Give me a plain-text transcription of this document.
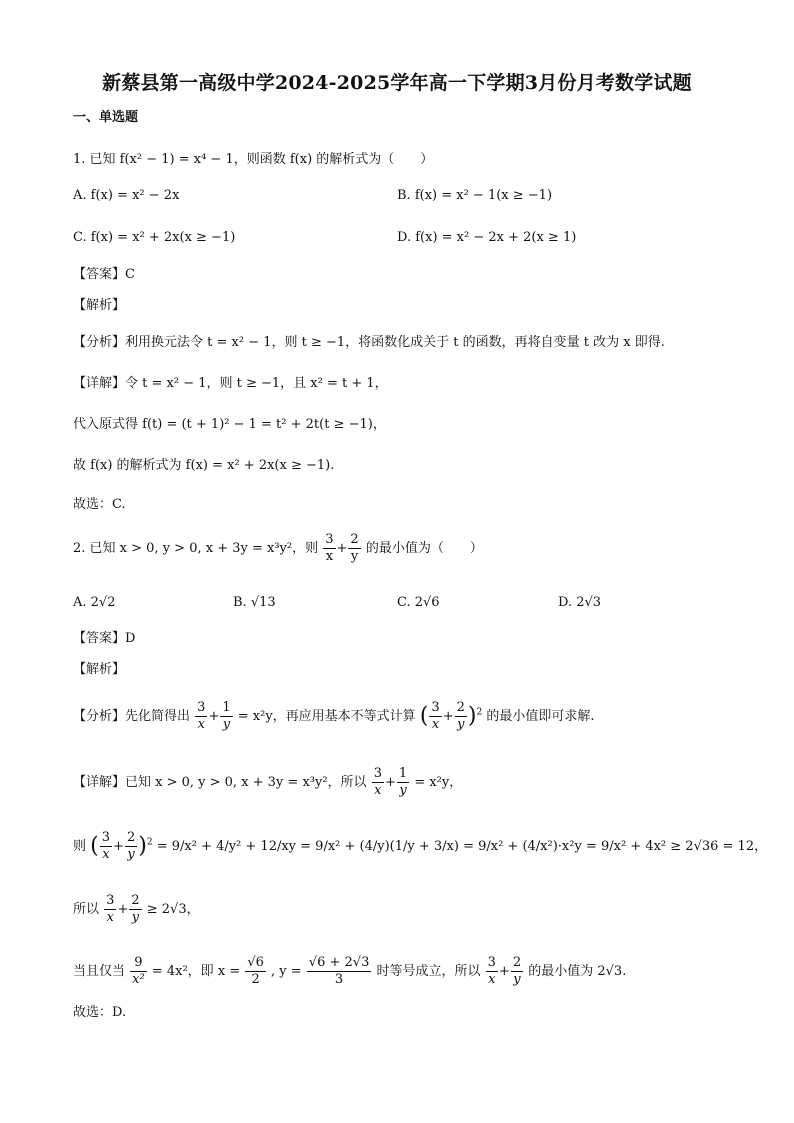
新蔡县第一高级中学2024-2025学年高一下学期3月份月考数学试题
一、单选题
1. 已知 f(x² − 1) = x⁴ − 1，则函数 f(x) 的解析式为（　　）
A. f(x) = x² − 2x	B. f(x) = x² − 1(x ≥ −1)
C. f(x) = x² + 2x(x ≥ −1)	D. f(x) = x² − 2x + 2(x ≥ 1)
【答案】C
【解析】
【分析】利用换元法令 t = x² − 1，则 t ≥ −1，将函数化成关于 t 的函数，再将自变量 t 改为 x 即得.
【详解】令 t = x² − 1，则 t ≥ −1，且 x² = t + 1，
代入原式得 f(t) = (t + 1)² − 1 = t² + 2t(t ≥ −1)，
故 f(x) 的解析式为 f(x) = x² + 2x(x ≥ −1).
故选：C.
2. 已知 x > 0, y > 0, x + 3y = x³y²，则 $\frac{3}{x} + \frac{2}{y}$ 的最小值为（　　）
A. 2√2	B. √13	C. 2√6	D. 2√3
【答案】D
【解析】
【分析】先化简得出 $\frac{3}{x} + \frac{1}{y} = x^2y$，再应用基本不等式计算 ( $\frac{3}{x} + \frac{2}{y} )^2$ 的最小值即可求解.
【详解】已知 x > 0, y > 0, x + 3y = x³y²，所以 $\frac{3}{x} + \frac{1}{y} = x^2y$，
则 ( $\frac{3}{x} + \frac{2}{y} )^2 = 9/x^2 + 4/y^2 + 12/xy = 9/x^2 + (4/y)(1/y + 3/x) = 9/x^2 + (4/x^2)\cdot x^2y = 9/x^2 + 4x^2 \ge 2√36 = 12$，
所以 $\frac{3}{x} + \frac{2}{y} \ge 2√3$，
当且仅当 $\frac{9}{\text{x²}} = 4x^2$，即 $x = \frac{√6}{2}$ , $y = \frac{√6 + 2√3}{3}$ 时等号成立，所以 $\frac{3}{x} + \frac{2}{y}$ 的最小值为 2√3.
故选：D.
